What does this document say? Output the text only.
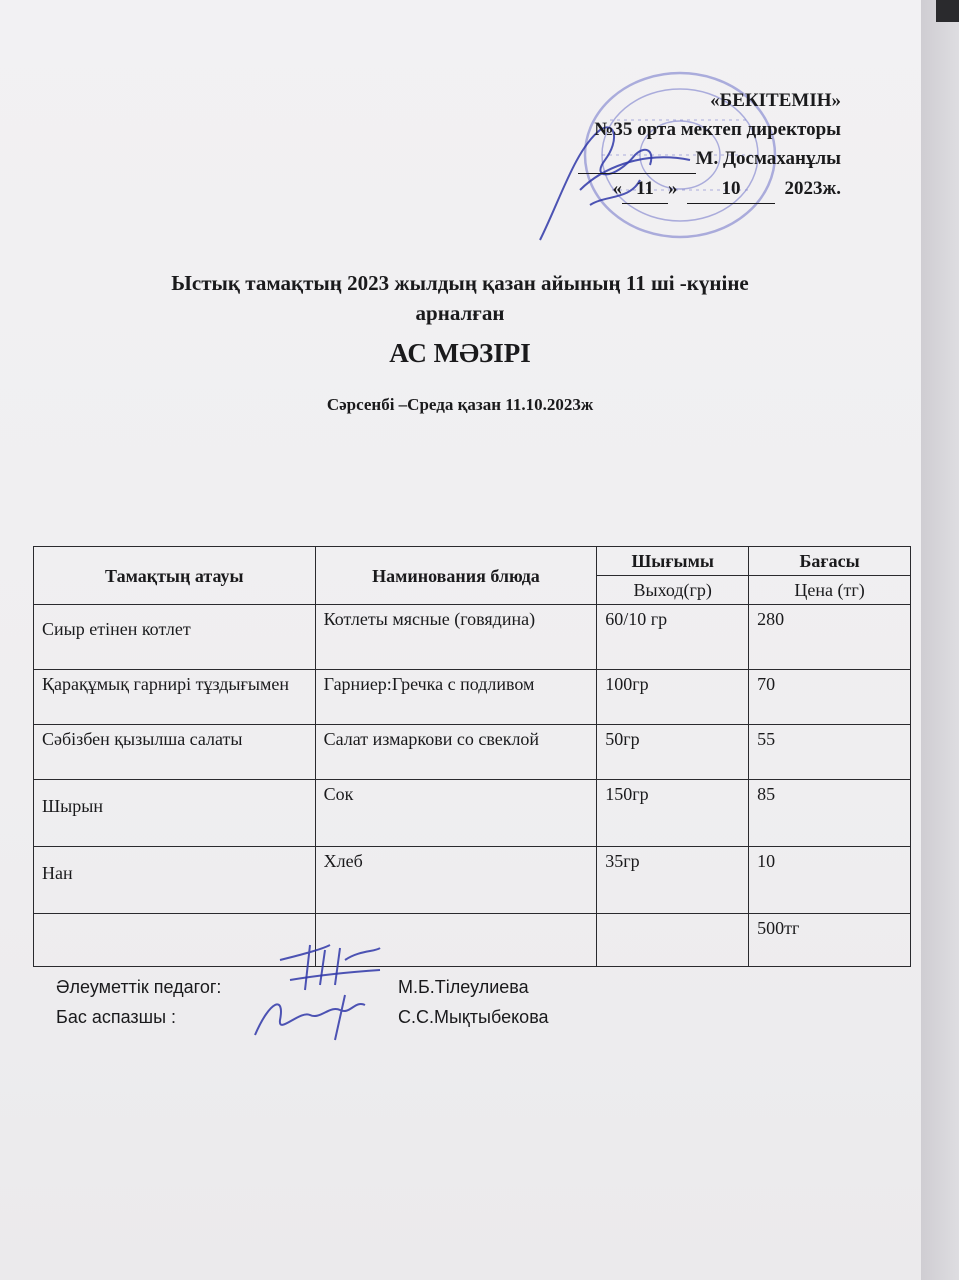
«БЕКІТЕМІН»
№35 орта мектеп директоры
М. Досмаханұлы
« 11 »  10 2023ж.
Ыстық тамақтың 2023 жылдың қазан айының 11 ші -күніне
арналған
АС МӘЗІРІ
Сәрсенбі –Среда қазан 11.10.2023ж
Тамақтың атауы	Наминования блюда	Шығымы	Бағасы
		Выход(гр)	Цена (тг)
Сиыр етінен котлет	Котлеты мясные (говядина)	60/10 гр	280
Қарақұмық гарнирі тұздығымен	Гарниер:Гречка с подливом	100гр	70
Сәбізбен қызылша салаты	Салат измаркови со свеклой	50гр	55
Шырын	Сок	150гр	85
Нан	Хлеб	35гр	10
			500тг
Әлеуметтік педагог:	М.Б.Тілеулиева
Бас аспазшы :	С.С.Мықтыбекова
